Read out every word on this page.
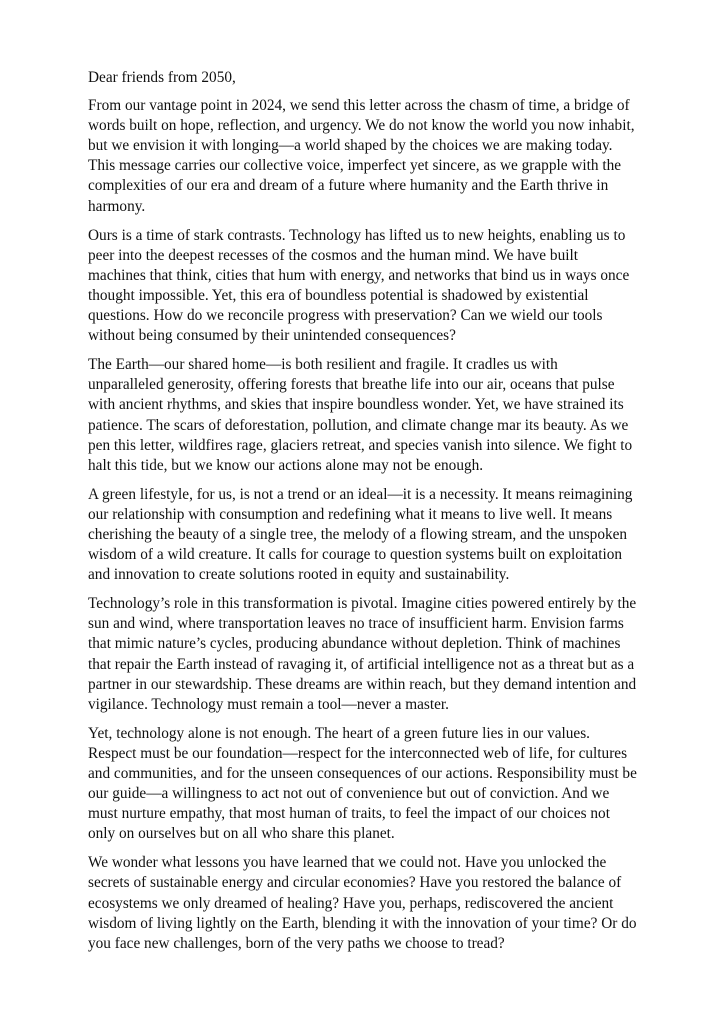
Dear friends from 2050,

From our vantage point in 2024, we send this letter across the chasm of time, a bridge of words built on hope, reflection, and urgency. We do not know the world you now inhabit, but we envision it with longing—a world shaped by the choices we are making today. This message carries our collective voice, imperfect yet sincere, as we grapple with the complexities of our era and dream of a future where humanity and the Earth thrive in harmony.

Ours is a time of stark contrasts. Technology has lifted us to new heights, enabling us to peer into the deepest recesses of the cosmos and the human mind. We have built machines that think, cities that hum with energy, and networks that bind us in ways once thought impossible. Yet, this era of boundless potential is shadowed by existential questions. How do we reconcile progress with preservation? Can we wield our tools without being consumed by their unintended consequences?

The Earth—our shared home—is both resilient and fragile. It cradles us with unparalleled generosity, offering forests that breathe life into our air, oceans that pulse with ancient rhythms, and skies that inspire boundless wonder. Yet, we have strained its patience. The scars of deforestation, pollution, and climate change mar its beauty. As we pen this letter, wildfires rage, glaciers retreat, and species vanish into silence. We fight to halt this tide, but we know our actions alone may not be enough.

A green lifestyle, for us, is not a trend or an ideal—it is a necessity. It means reimagining our relationship with consumption and redefining what it means to live well. It means cherishing the beauty of a single tree, the melody of a flowing stream, and the unspoken wisdom of a wild creature. It calls for courage to question systems built on exploitation and innovation to create solutions rooted in equity and sustainability.

Technology’s role in this transformation is pivotal. Imagine cities powered entirely by the sun and wind, where transportation leaves no trace of insufficient harm. Envision farms that mimic nature’s cycles, producing abundance without depletion. Think of machines that repair the Earth instead of ravaging it, of artificial intelligence not as a threat but as a partner in our stewardship. These dreams are within reach, but they demand intention and vigilance. Technology must remain a tool—never a master.

Yet, technology alone is not enough. The heart of a green future lies in our values. Respect must be our foundation—respect for the interconnected web of life, for cultures and communities, and for the unseen consequences of our actions. Responsibility must be our guide—a willingness to act not out of convenience but out of conviction. And we must nurture empathy, that most human of traits, to feel the impact of our choices not only on ourselves but on all who share this planet.

We wonder what lessons you have learned that we could not. Have you unlocked the secrets of sustainable energy and circular economies? Have you restored the balance of ecosystems we only dreamed of healing? Have you, perhaps, rediscovered the ancient wisdom of living lightly on the Earth, blending it with the innovation of your time? Or do you face new challenges, born of the very paths we choose to tread?
